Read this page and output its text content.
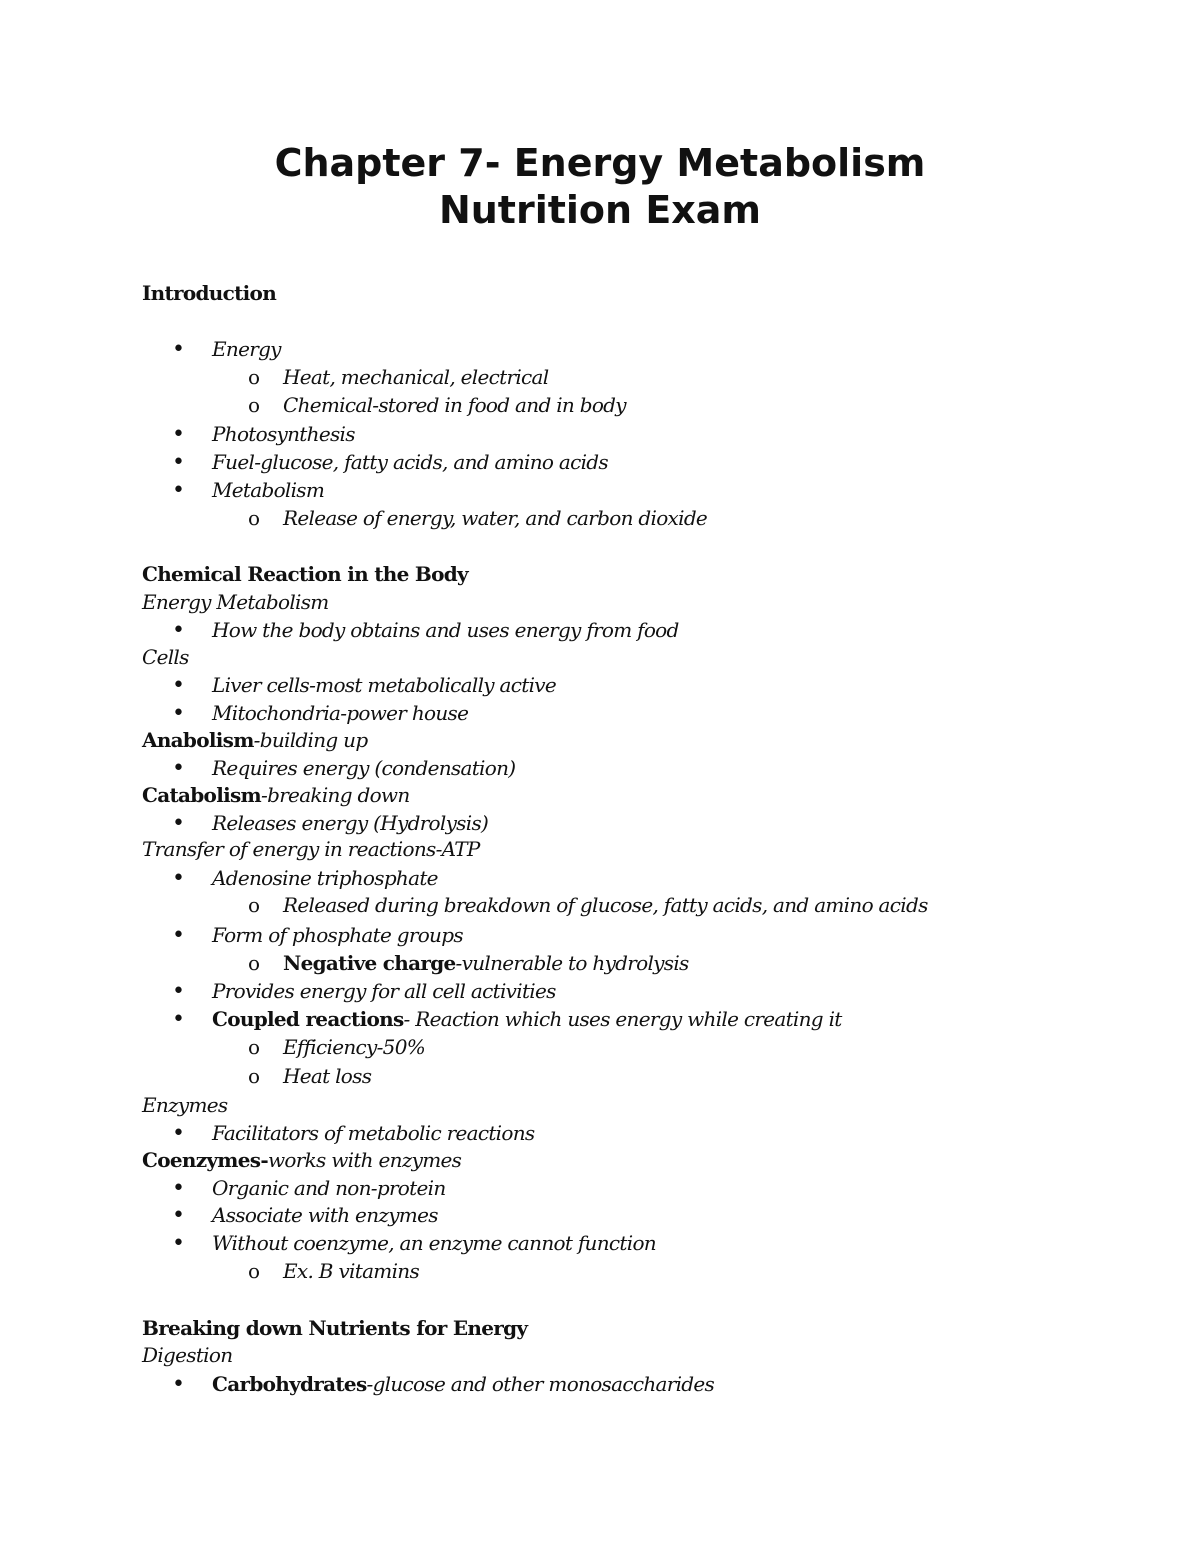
Chapter 7- Energy Metabolism
Nutrition Exam
Introduction
• Energy
o Heat, mechanical, electrical
o Chemical-stored in food and in body
• Photosynthesis
• Fuel-glucose, fatty acids, and amino acids
• Metabolism
o Release of energy, water, and carbon dioxide
Chemical Reaction in the Body
Energy Metabolism
• How the body obtains and uses energy from food
Cells
• Liver cells-most metabolically active
• Mitochondria-power house
Anabolism-building up
• Requires energy (condensation)
Catabolism-breaking down
• Releases energy (Hydrolysis)
Transfer of energy in reactions-ATP
• Adenosine triphosphate
o Released during breakdown of glucose, fatty acids, and amino acids
• Form of phosphate groups
o Negative charge-vulnerable to hydrolysis
• Provides energy for all cell activities
• Coupled reactions- Reaction which uses energy while creating it
o Efficiency-50%
o Heat loss
Enzymes
• Facilitators of metabolic reactions
Coenzymes-works with enzymes
• Organic and non-protein
• Associate with enzymes
• Without coenzyme, an enzyme cannot function
o Ex. B vitamins
Breaking down Nutrients for Energy
Digestion
• Carbohydrates-glucose and other monosaccharides
